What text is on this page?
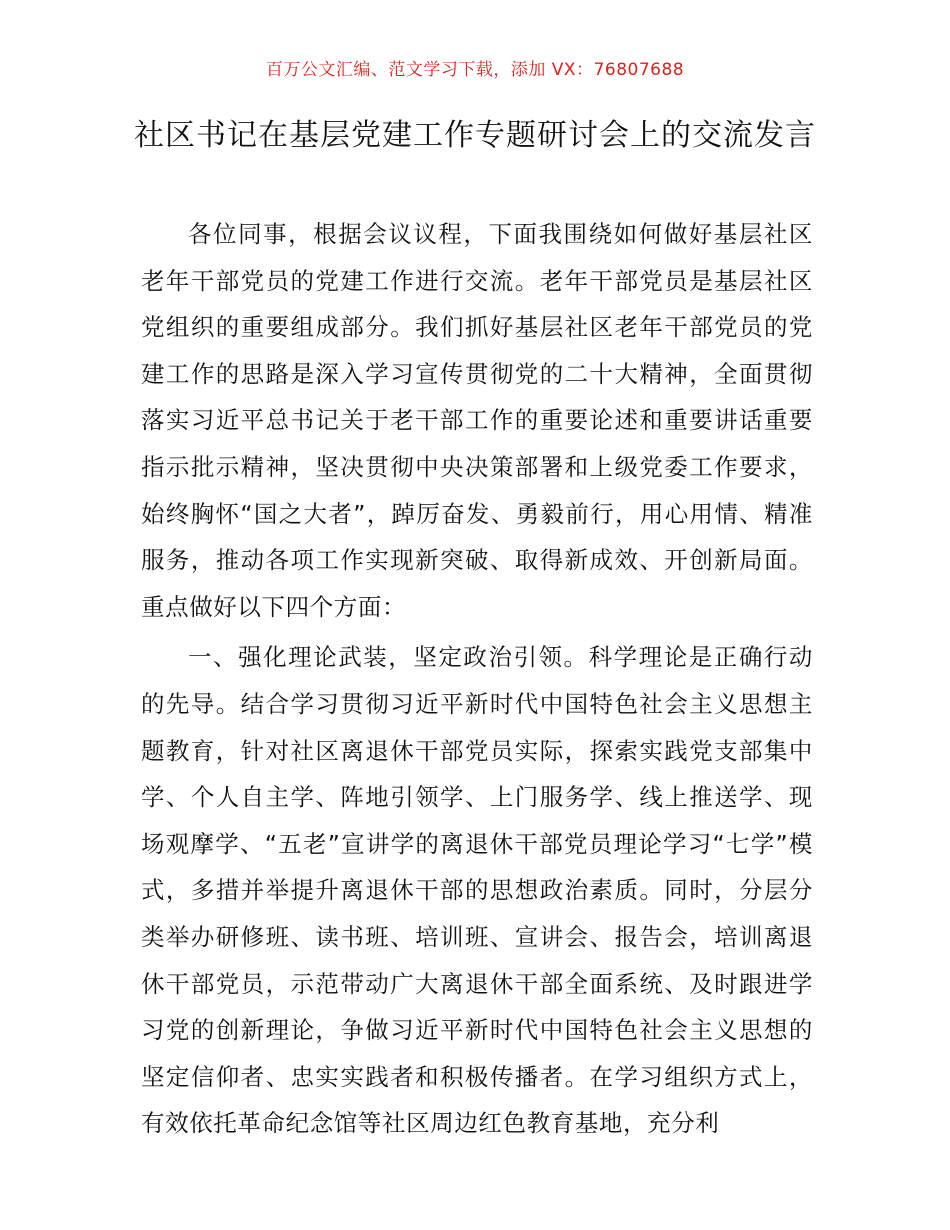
百万公文汇编、范文学习下载，添加 VX：76807688
社区书记在基层党建工作专题研讨会上的交流发言

各位同事，根据会议议程，下面我围绕如何做好基层社区老年干部党员的党建工作进行交流。老年干部党员是基层社区党组织的重要组成部分。我们抓好基层社区老年干部党员的党建工作的思路是深入学习宣传贯彻党的二十大精神，全面贯彻落实习近平总书记关于老干部工作的重要论述和重要讲话重要指示批示精神，坚决贯彻中央决策部署和上级党委工作要求，始终胸怀“国之大者”，踔厉奋发、勇毅前行，用心用情、精准服务，推动各项工作实现新突破、取得新成效、开创新局面。重点做好以下四个方面：

一、强化理论武装，坚定政治引领。科学理论是正确行动的先导。结合学习贯彻习近平新时代中国特色社会主义思想主题教育，针对社区离退休干部党员实际，探索实践党支部集中学、个人自主学、阵地引领学、上门服务学、线上推送学、现场观摩学、“五老”宣讲学的离退休干部党员理论学习“七学”模式，多措并举提升离退休干部的思想政治素质。同时，分层分类举办研修班、读书班、培训班、宣讲会、报告会，培训离退休干部党员，示范带动广大离退休干部全面系统、及时跟进学习党的创新理论，争做习近平新时代中国特色社会主义思想的坚定信仰者、忠实实践者和积极传播者。在学习组织方式上，有效依托革命纪念馆等社区周边红色教育基地，充分利
